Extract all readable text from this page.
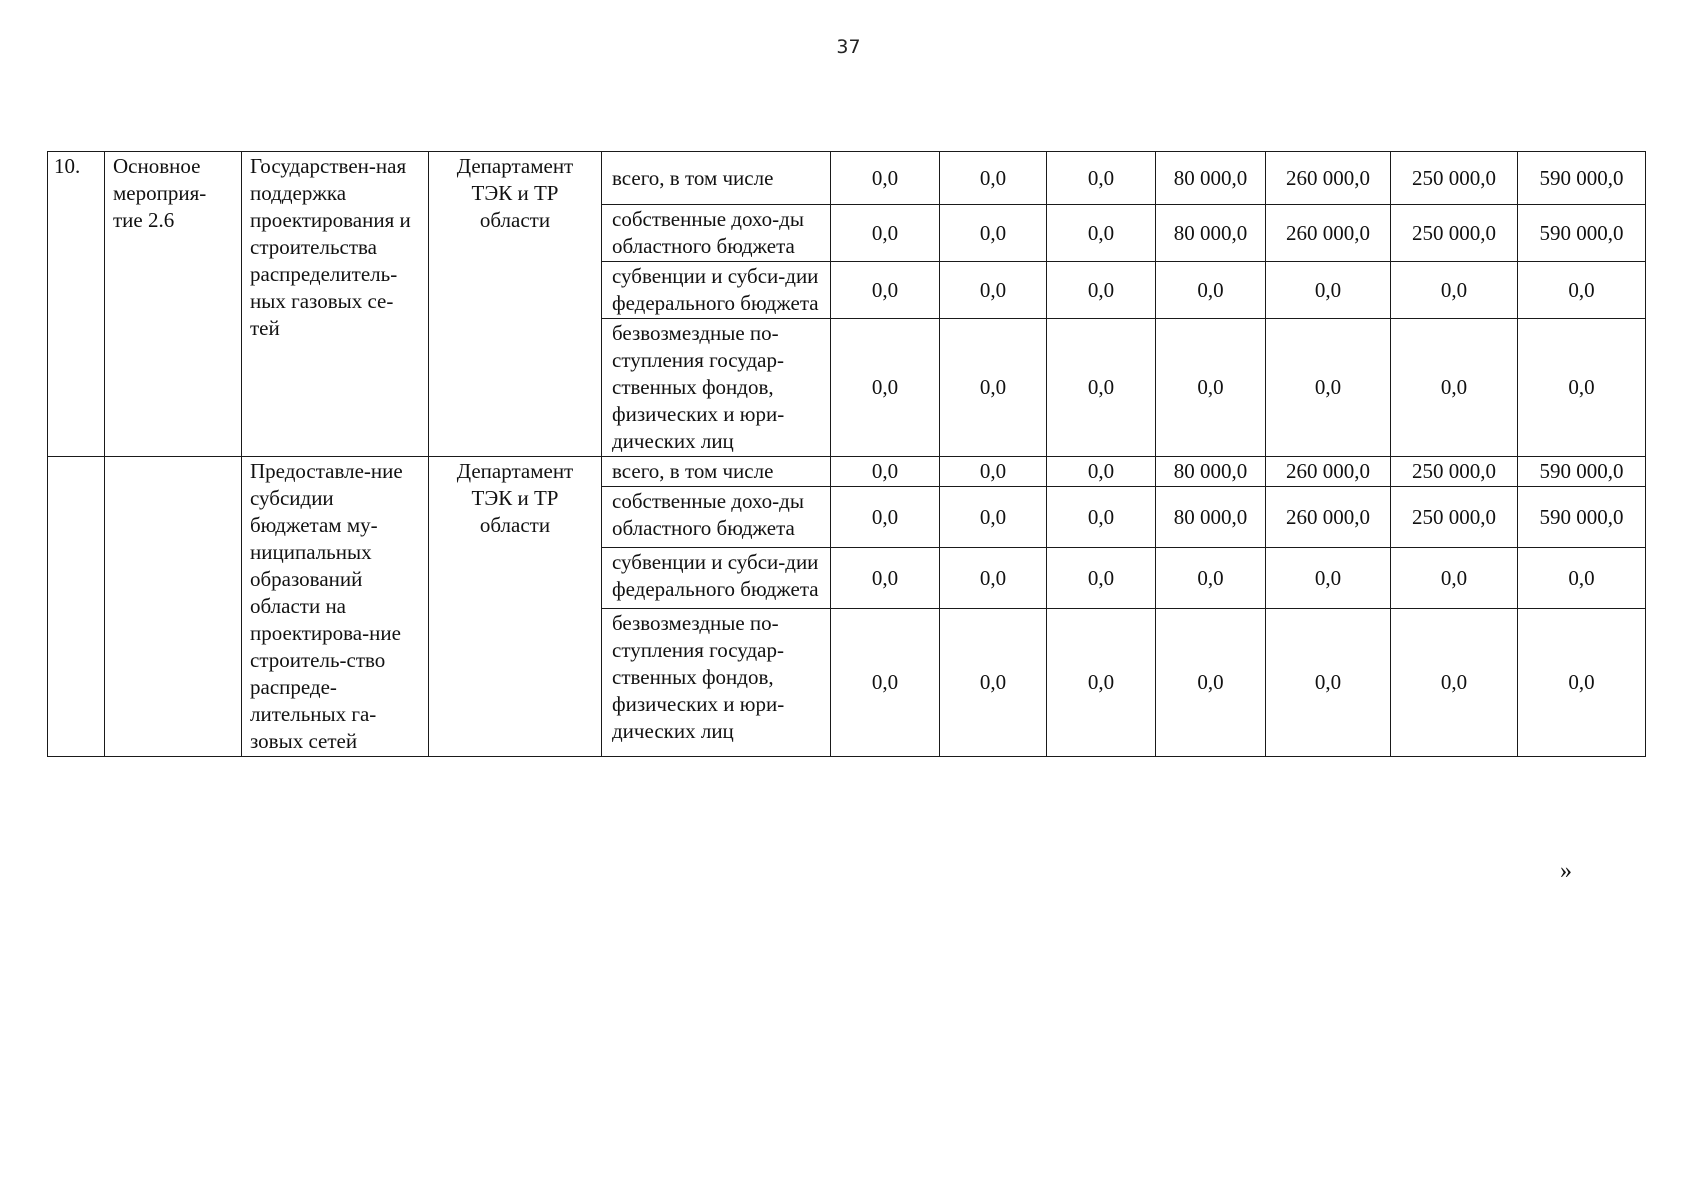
37
10.	Основное мероприя-тие 2.6	Государствен-ная поддержка проектирования и строительства распределитель-ных газовых се-тей	Департамент ТЭК и ТР области	всего, в том числе	0,0	0,0	0,0	80 000,0	260 000,0	250 000,0	590 000,0
				собственные дохо-ды областного бюджета	0,0	0,0	0,0	80 000,0	260 000,0	250 000,0	590 000,0
				субвенции и субси-дии федерального бюджета	0,0	0,0	0,0	0,0	0,0	0,0	0,0
				безвозмездные по-ступления государ-ственных фондов, физических и юри-дических лиц	0,0	0,0	0,0	0,0	0,0	0,0	0,0
		Предоставле-ние субсидии бюджетам му-ниципальных образований области на проектирова-ние строитель-ство распреде-лительных га-зовых сетей	Департамент ТЭК и ТР области	всего, в том числе	0,0	0,0	0,0	80 000,0	260 000,0	250 000,0	590 000,0
				собственные дохо-ды областного бюджета	0,0	0,0	0,0	80 000,0	260 000,0	250 000,0	590 000,0
				субвенции и субси-дии федерального бюджета	0,0	0,0	0,0	0,0	0,0	0,0	0,0
				безвозмездные по-ступления государ-ственных фондов, физических и юри-дических лиц	0,0	0,0	0,0	0,0	0,0	0,0	0,0
»
